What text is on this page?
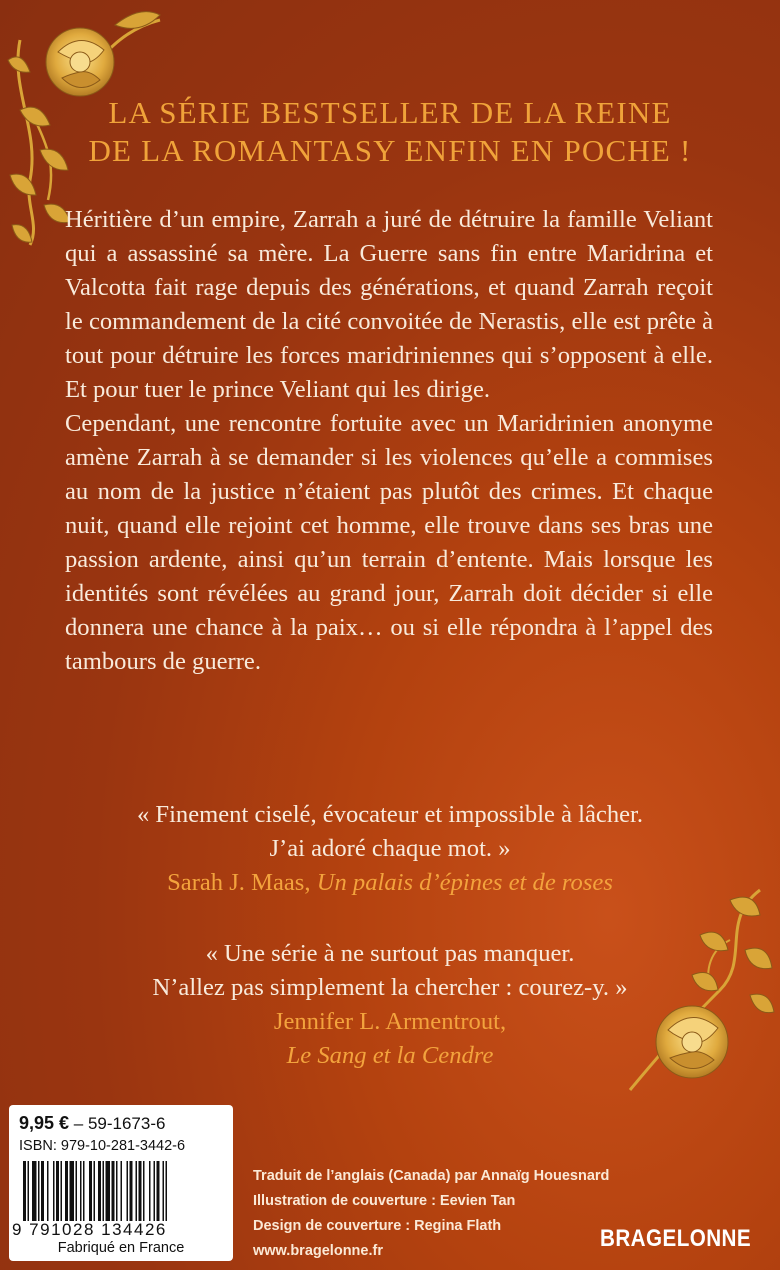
LA SÉRIE BESTSELLER DE LA REINE
DE LA ROMANTASY ENFIN EN POCHE !

Héritière d’un empire, Zarrah a juré de détruire la famille Veliant qui a assassiné sa mère. La Guerre sans fin entre Maridrina et Valcotta fait rage depuis des générations, et quand Zarrah reçoit le commandement de la cité convoitée de Nerastis, elle est prête à tout pour détruire les forces maridriniennes qui s’opposent à elle. Et pour tuer le prince Veliant qui les dirige.

Cependant, une rencontre fortuite avec un Maridrinien anonyme amène Zarrah à se demander si les violences qu’elle a commises au nom de la justice n’étaient pas plutôt des crimes. Et chaque nuit, quand elle rejoint cet homme, elle trouve dans ses bras une passion ardente, ainsi qu’un terrain d’entente. Mais lorsque les identités sont révélées au grand jour, Zarrah doit décider si elle donnera une chance à la paix… ou si elle répondra à l’appel des tambours de guerre.

« Finement ciselé, évocateur et impossible à lâcher.
J’ai adoré chaque mot. »
Sarah J. Maas, Un palais d’épines et de roses
« Une série à ne surtout pas manquer.
N’allez pas simplement la chercher : courez-y. »
Jennifer L. Armentrout,
Le Sang et la Cendre
9,95 € – 59-1673-6
ISBN: 979-10-281-3442-6
9 791028 134426
Fabriqué en France
Traduit de l’anglais (Canada) par Annaïg Houesnard
Illustration de couverture : Eevien Tan
Design de couverture : Regina Flath
www.bragelonne.fr	BRAGELONNE
